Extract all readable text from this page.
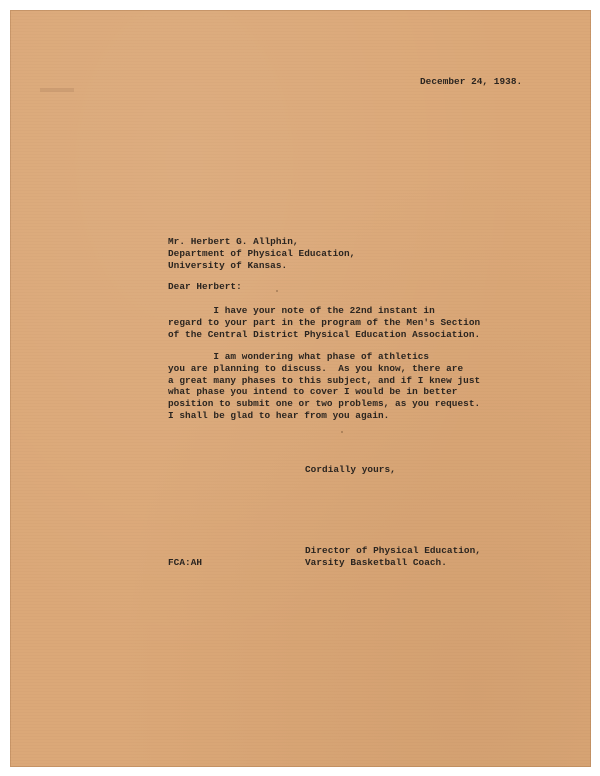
December 24, 1938.
Mr. Herbert G. Allphin,
Department of Physical Education,
University of Kansas.
Dear Herbert:
I have your note of the 22nd instant in
regard to your part in the program of the Men's Section
of the Central District Physical Education Association.
I am wondering what phase of athletics
you are planning to discuss.  As you know, there are
a great many phases to this subject, and if I knew just
what phase you intend to cover I would be in better
position to submit one or two problems, as you request.
I shall be glad to hear from you again.
Cordially yours,
Director of Physical Education,
Varsity Basketball Coach.
FCA:AH
